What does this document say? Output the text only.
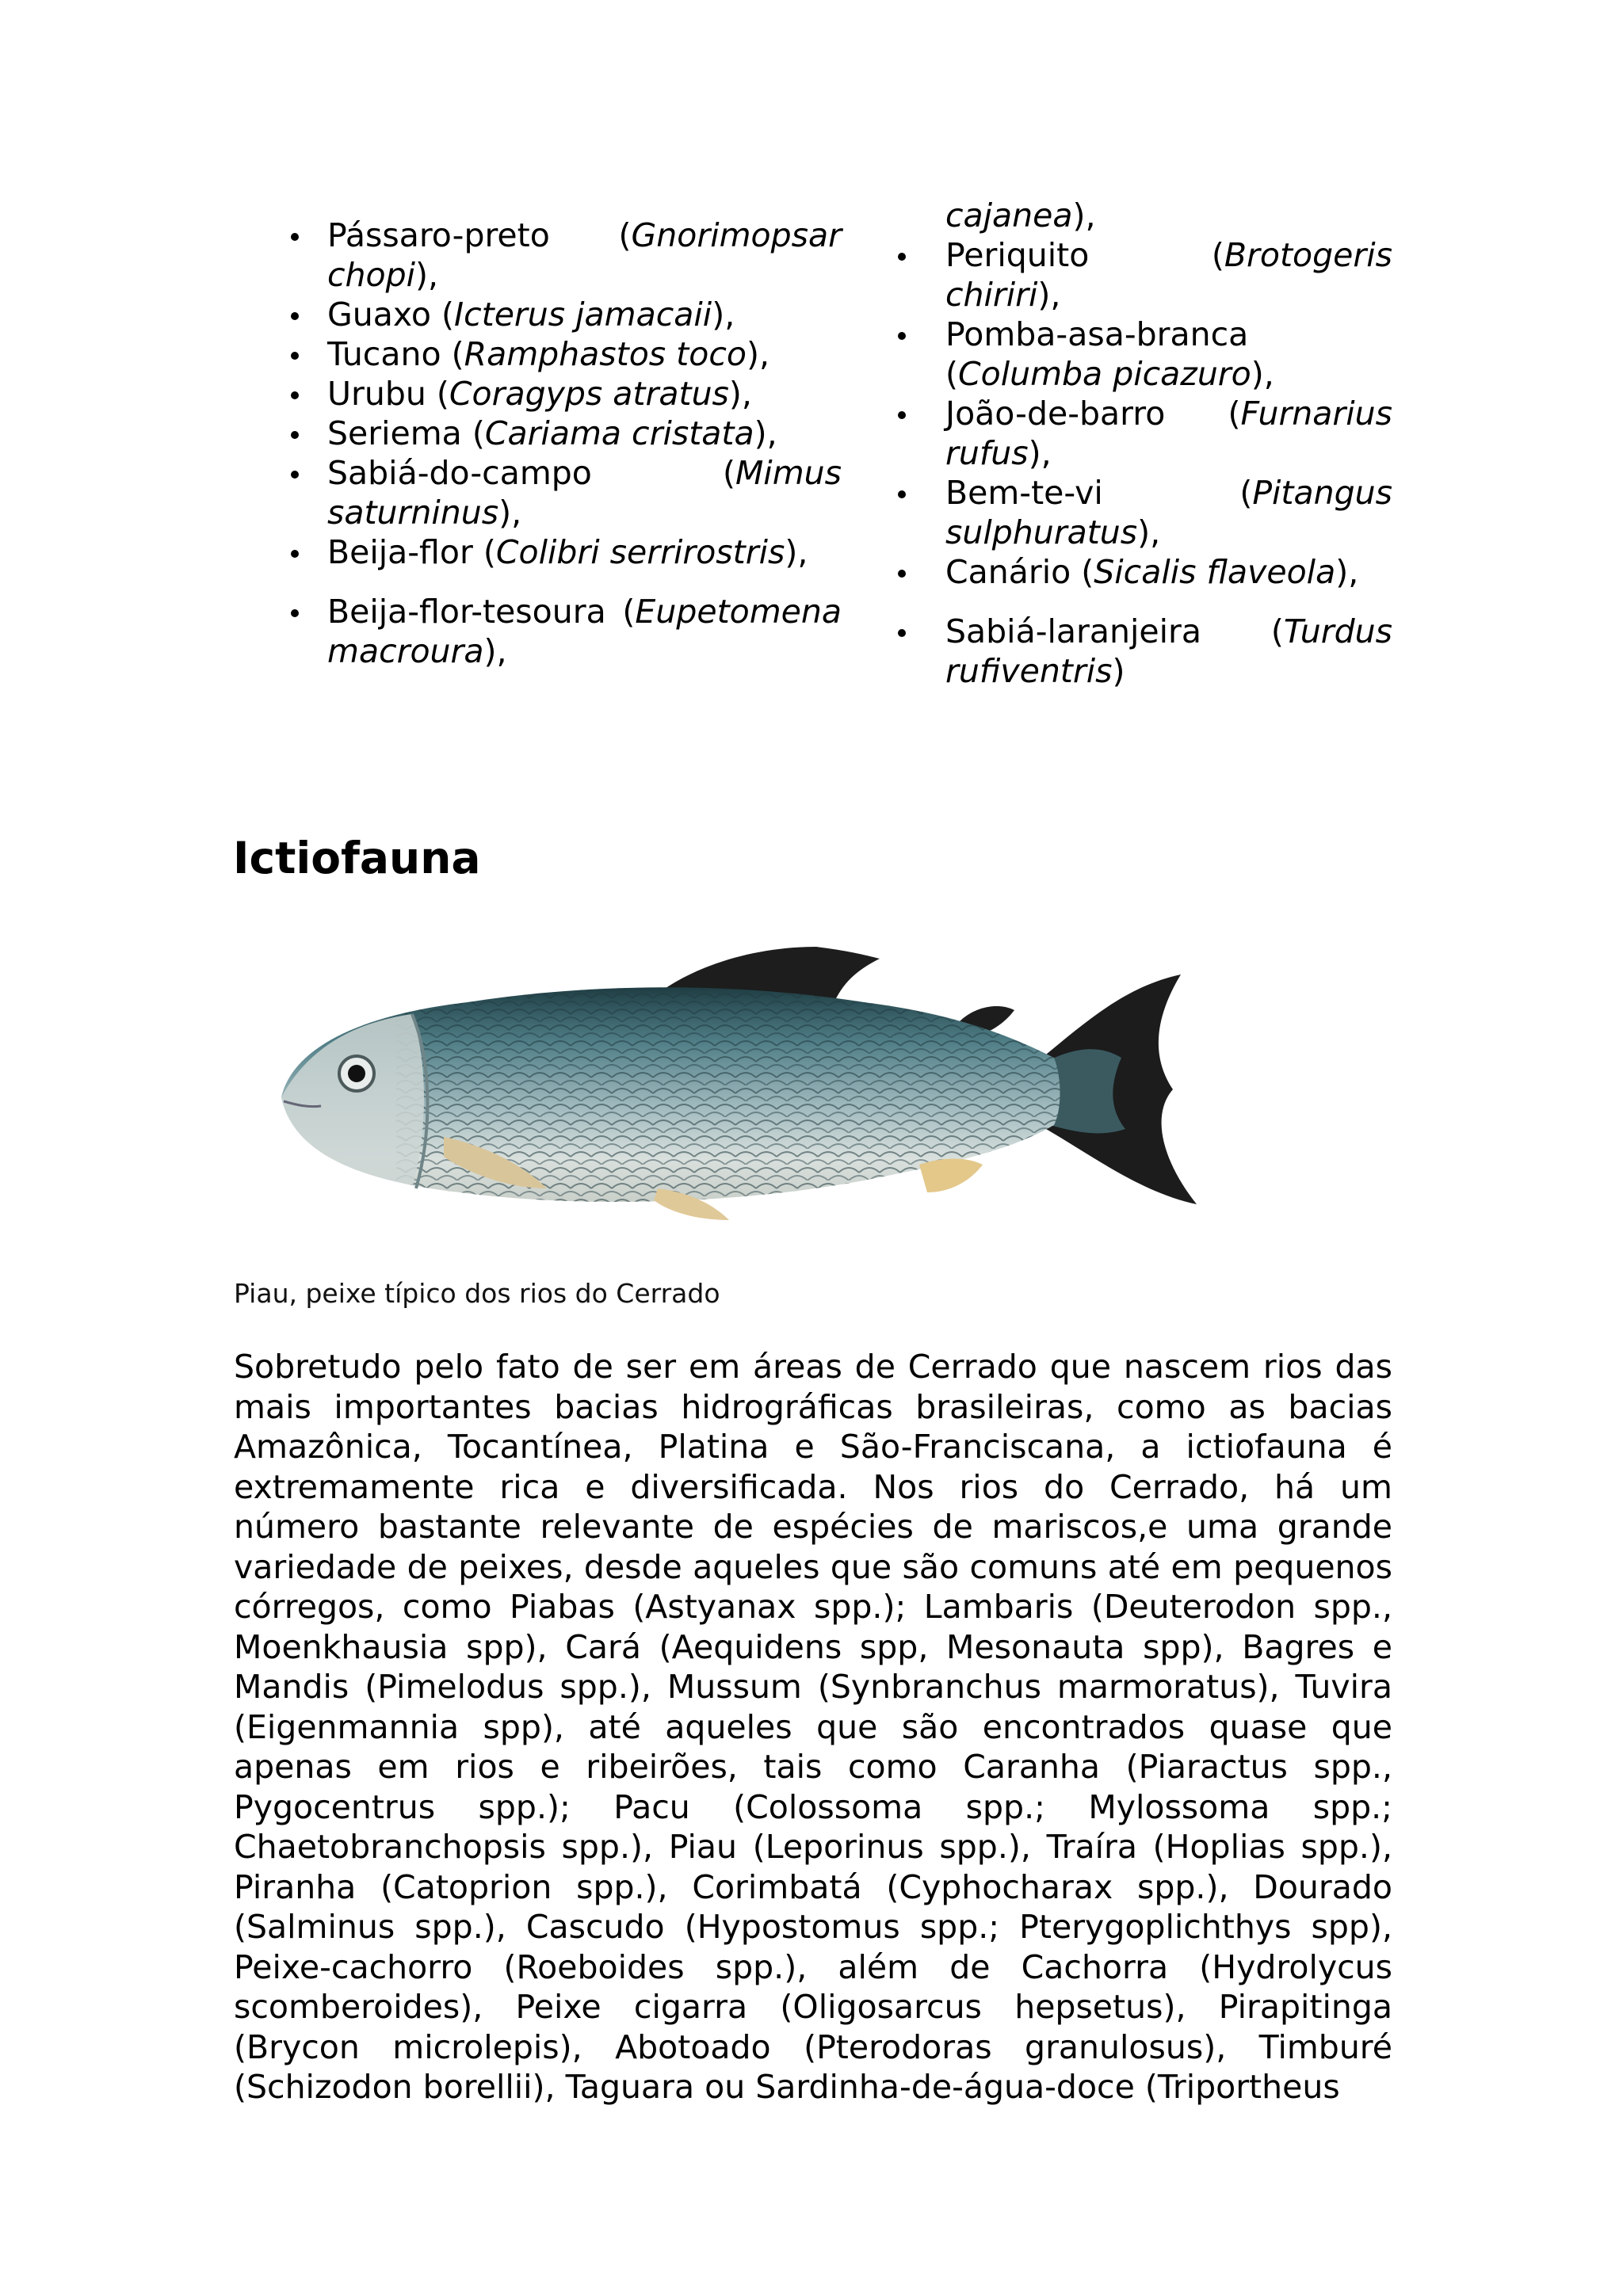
Pássaro-preto (Gnorimopsar chopi),
Guaxo (Icterus jamacaii),
Tucano (Ramphastos toco),
Urubu (Coragyps atratus),
Seriema (Cariama cristata),
Sabiá-do-campo (Mimus saturninus),
Beija-flor (Colibri serrirostris),
Beija-flor-tesoura (Eupetomena macroura),
cajanea),
Periquito (Brotogeris chiriri),
Pomba-asa-branca (Columba picazuro),
João-de-barro (Furnarius rufus),
Bem-te-vi (Pitangus sulphuratus),
Canário (Sicalis flaveola),
Sabiá-laranjeira (Turdus rufiventris)
Ictiofauna
Piau, peixe típico dos rios do Cerrado

Sobretudo pelo fato de ser em áreas de Cerrado que nascem rios das mais importantes bacias hidrográficas brasileiras, como as bacias Amazônica, Tocantínea, Platina e São-Franciscana, a ictiofauna é extremamente rica e diversificada. Nos rios do Cerrado, há um número bastante relevante de espécies de mariscos,e uma grande variedade de peixes, desde aqueles que são comuns até em pequenos córregos, como Piabas (Astyanax spp.); Lambaris (Deuterodon spp., Moenkhausia spp), Cará (Aequidens spp, Mesonauta spp), Bagres e Mandis (Pimelodus spp.), Mussum (Synbranchus marmoratus), Tuvira (Eigenmannia spp), até aqueles que são encontrados quase que apenas em rios e ribeirões, tais como Caranha (Piaractus spp., Pygocentrus spp.); Pacu (Colossoma spp.; Mylossoma spp.; Chaetobranchopsis spp.), Piau (Leporinus spp.), Traíra (Hoplias spp.), Piranha (Catoprion spp.), Corimbatá (Cyphocharax spp.), Dourado (Salminus spp.), Cascudo (Hypostomus spp.; Pterygoplichthys spp), Peixe-cachorro (Roeboides spp.), além de Cachorra (Hydrolycus scomberoides), Peixe cigarra (Oligosarcus hepsetus), Pirapitinga (Brycon microlepis), Abotoado (Pterodoras granulosus), Timburé (Schizodon borellii), Taguara ou Sardinha-de-água-doce (Triportheus
